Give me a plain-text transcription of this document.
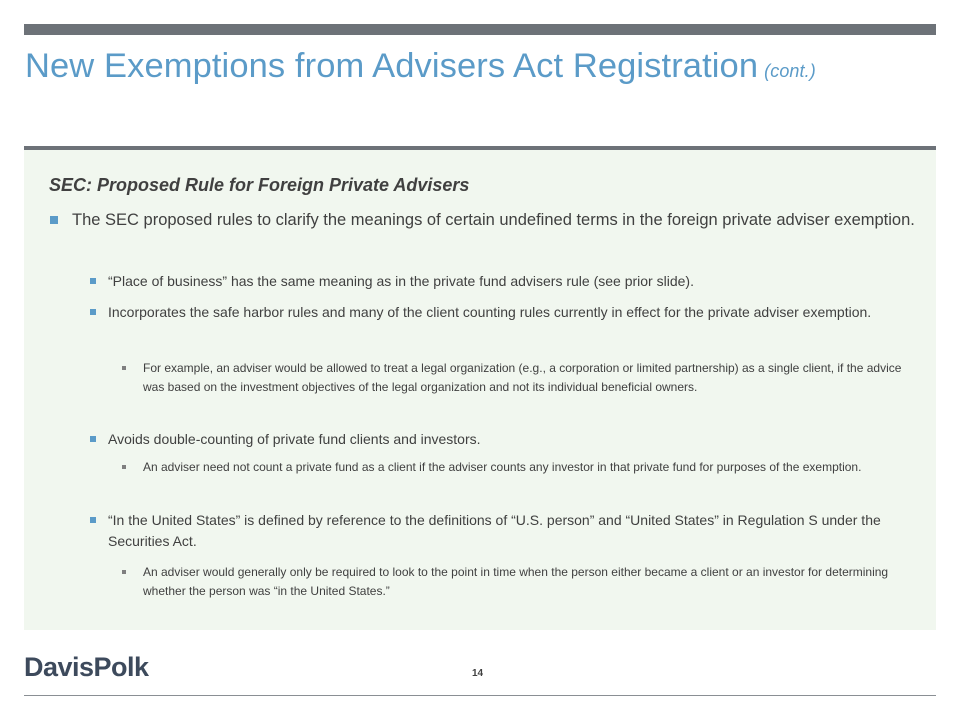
New Exemptions from Advisers Act Registration (cont.)
SEC: Proposed Rule for Foreign Private Advisers
The SEC proposed rules to clarify the meanings of certain undefined terms in the foreign private adviser exemption.
“Place of business” has the same meaning as in the private fund advisers rule (see prior slide).
Incorporates the safe harbor rules and many of the client counting rules currently in effect for the private adviser exemption.
For example, an adviser would be allowed to treat a legal organization (e.g., a corporation or limited partnership) as a single client, if the advice was based on the investment objectives of the legal organization and not its individual beneficial owners.
Avoids double-counting of private fund clients and investors.
An adviser need not count a private fund as a client if the adviser counts any investor in that private fund for purposes of the exemption.
“In the United States” is defined by reference to the definitions of “U.S. person” and “United States” in Regulation S under the Securities Act.
An adviser would generally only be required to look to the point in time when the person either became a client or an investor for determining whether the person was “in the United States.”
DavisPolk	14
